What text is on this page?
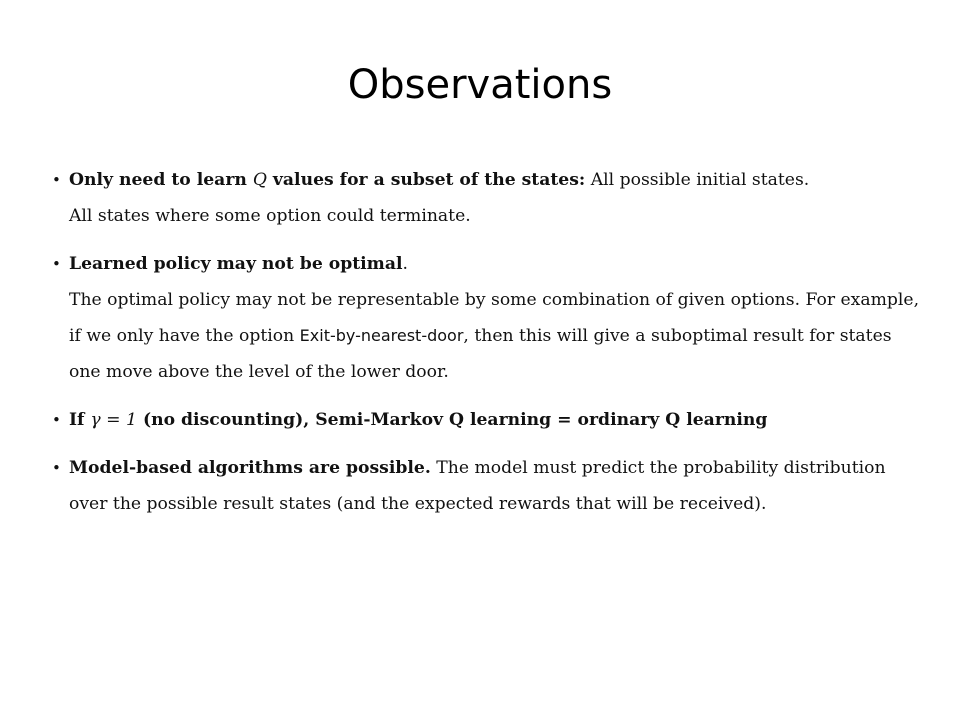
Observations
• Only need to learn Q values for a subset of the states: All possible initial states.
All states where some option could terminate.
• Learned policy may not be optimal.
The optimal policy may not be representable by some combination of given options. For example,
if we only have the option Exit-by-nearest-door, then this will give a suboptimal result for states
one move above the level of the lower door.
• If γ = 1 (no discounting), Semi-Markov Q learning = ordinary Q learning
• Model-based algorithms are possible. The model must predict the probability distribution
over the possible result states (and the expected rewards that will be received).
